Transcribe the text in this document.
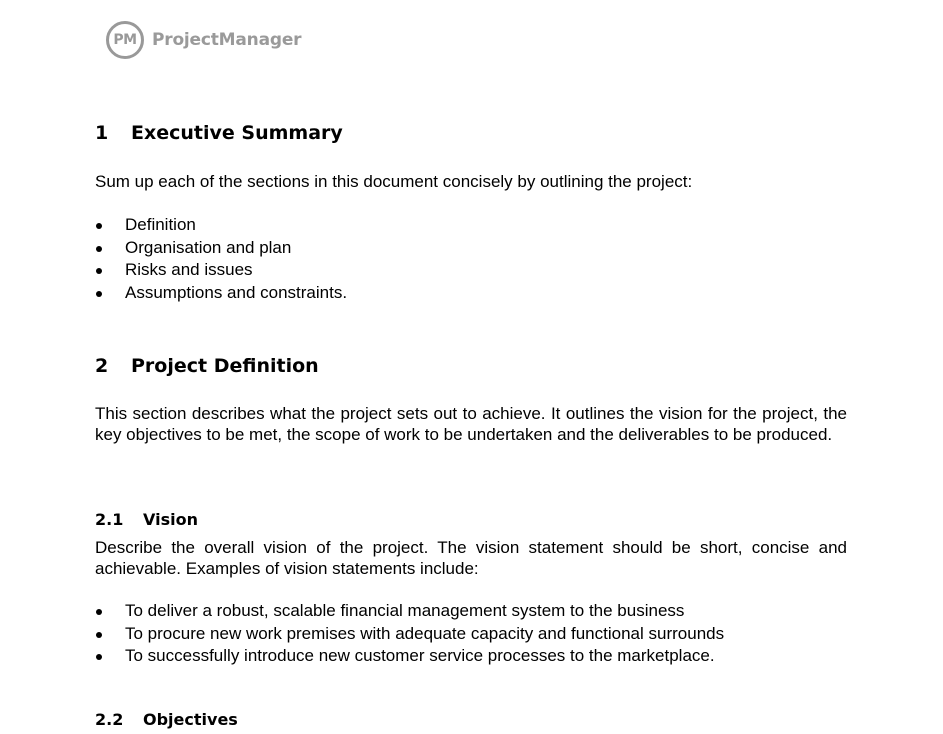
PM ProjectManager
1 Executive Summary

Sum up each of the sections in this document concisely by outlining the project:

Definition
Organisation and plan
Risks and issues
Assumptions and constraints.
2 Project Definition

This section describes what the project sets out to achieve. It outlines the vision for the project, the key objectives to be met, the scope of work to be undertaken and the deliverables to be produced.

2.1 Vision

Describe the overall vision of the project. The vision statement should be short, concise and achievable. Examples of vision statements include:

To deliver a robust, scalable financial management system to the business
To procure new work premises with adequate capacity and functional surrounds
To successfully introduce new customer service processes to the marketplace.
2.2 Objectives
